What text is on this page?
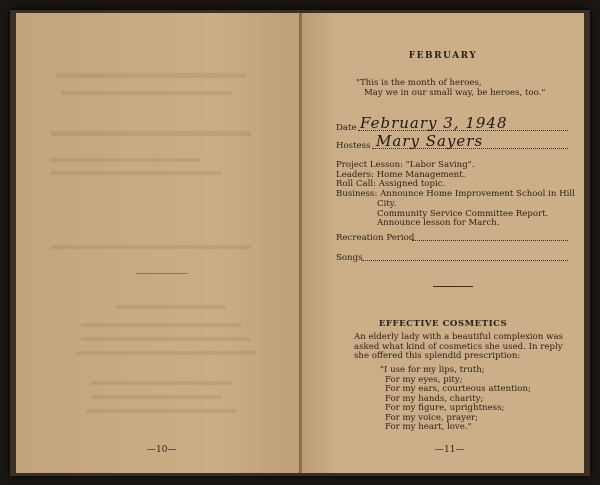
—10—
FEBRUARY
"This is the month of heroes,
May we in our small way, be heroes, too."
Date February 3, 1948
Hostess Mary Sayers
Project Lesson: "Labor Saving".
Leaders: Home Management.
Roll Call: Assigned topic.
Business: Announce Home Improvement School in Hill
City.
Community Service Committee Report.
Announce lesson for March.
Recreation Period
Songs
EFFECTIVE COSMETICS
An elderly lady with a beautiful complexion was
asked what kind of cosmetics she used. In reply
she offered this splendid prescription:
"I use for my lips, truth;
For my eyes, pity;
For my ears, courteous attention;
For my hands, charity;
For my figure, uprightness;
For my voice, prayer;
For my heart, love."
—11—
